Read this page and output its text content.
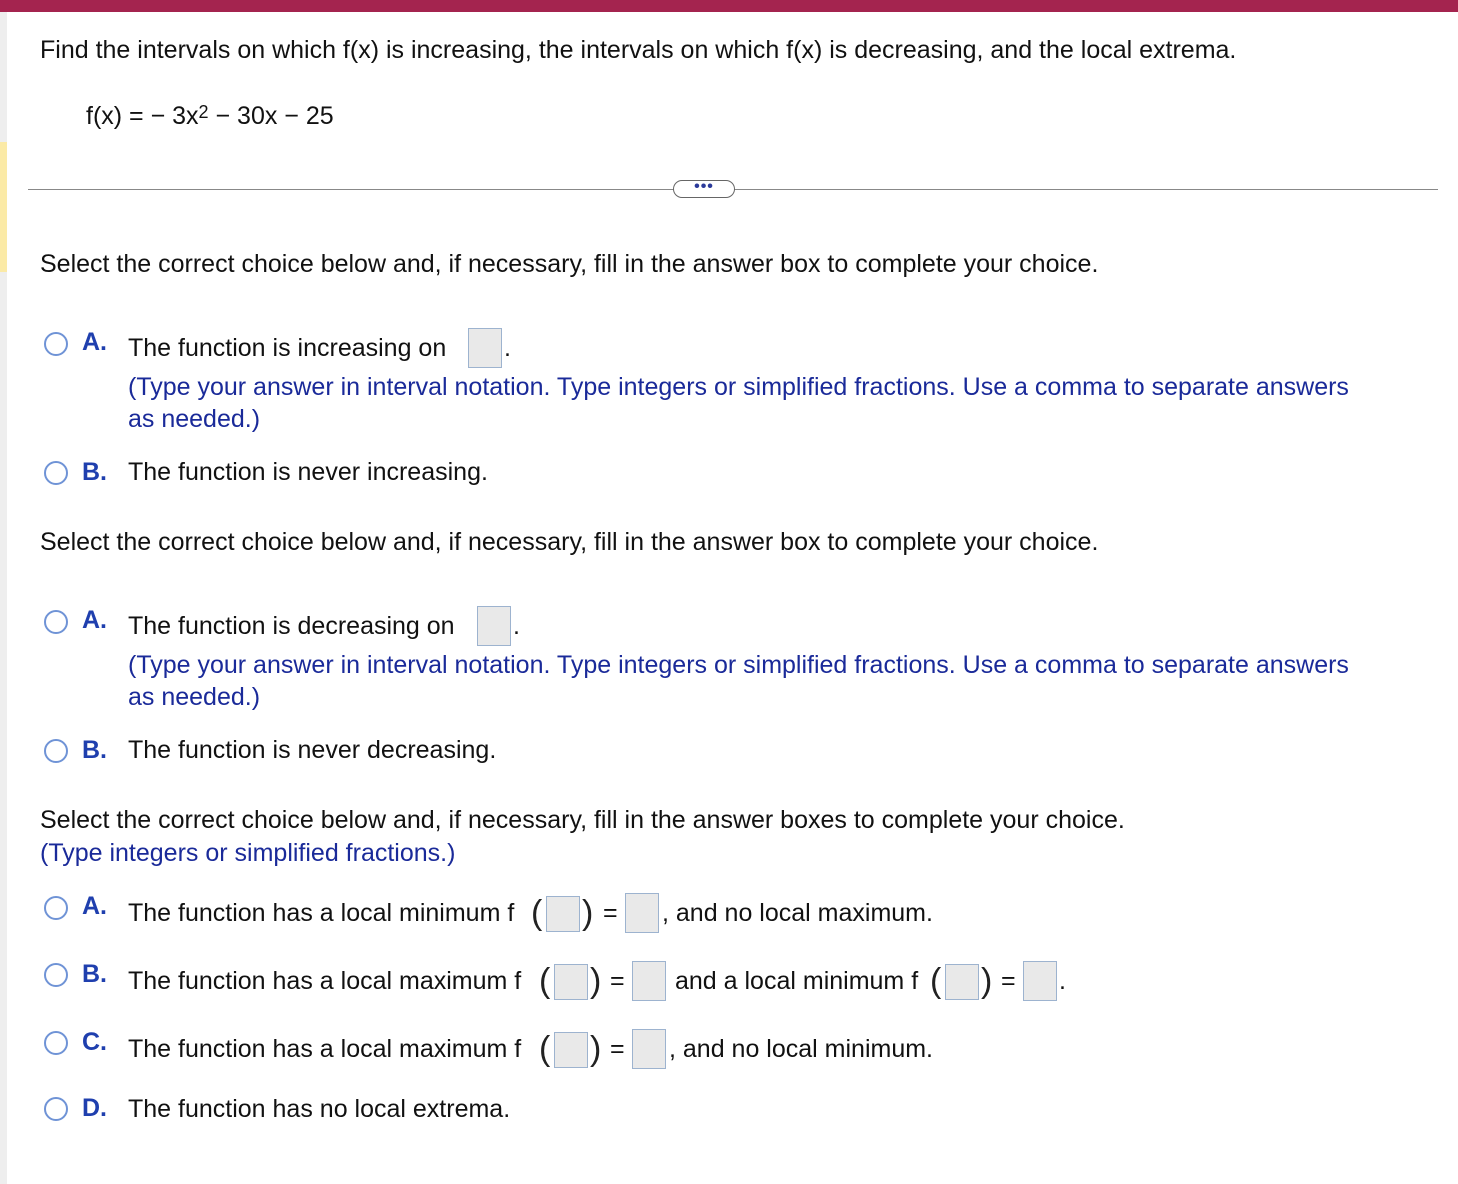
Find the intervals on which f(x) is increasing, the intervals on which f(x) is decreasing, and the local extrema.
f(x) = − $3x^2 - 30x - 25$
•••
Select the correct choice below and, if necessary, fill in the answer box to complete your choice.
A. The function is increasing on .
(Type your answer in interval notation. Type integers or simplified fractions. Use a comma to separate answers
as needed.)
B. The function is never increasing.
Select the correct choice below and, if necessary, fill in the answer box to complete your choice.
A. The function is decreasing on .
(Type your answer in interval notation. Type integers or simplified fractions. Use a comma to separate answers
as needed.)
B. The function is never decreasing.
Select the correct choice below and, if necessary, fill in the answer boxes to complete your choice.
(Type integers or simplified fractions.)
A. The function has a local minimum f ( ) = , and no local maximum.
B. The function has a local maximum f ( ) = and a local minimum f ( ) = .
C. The function has a local maximum f ( ) = , and no local minimum.
D. The function has no local extrema.
